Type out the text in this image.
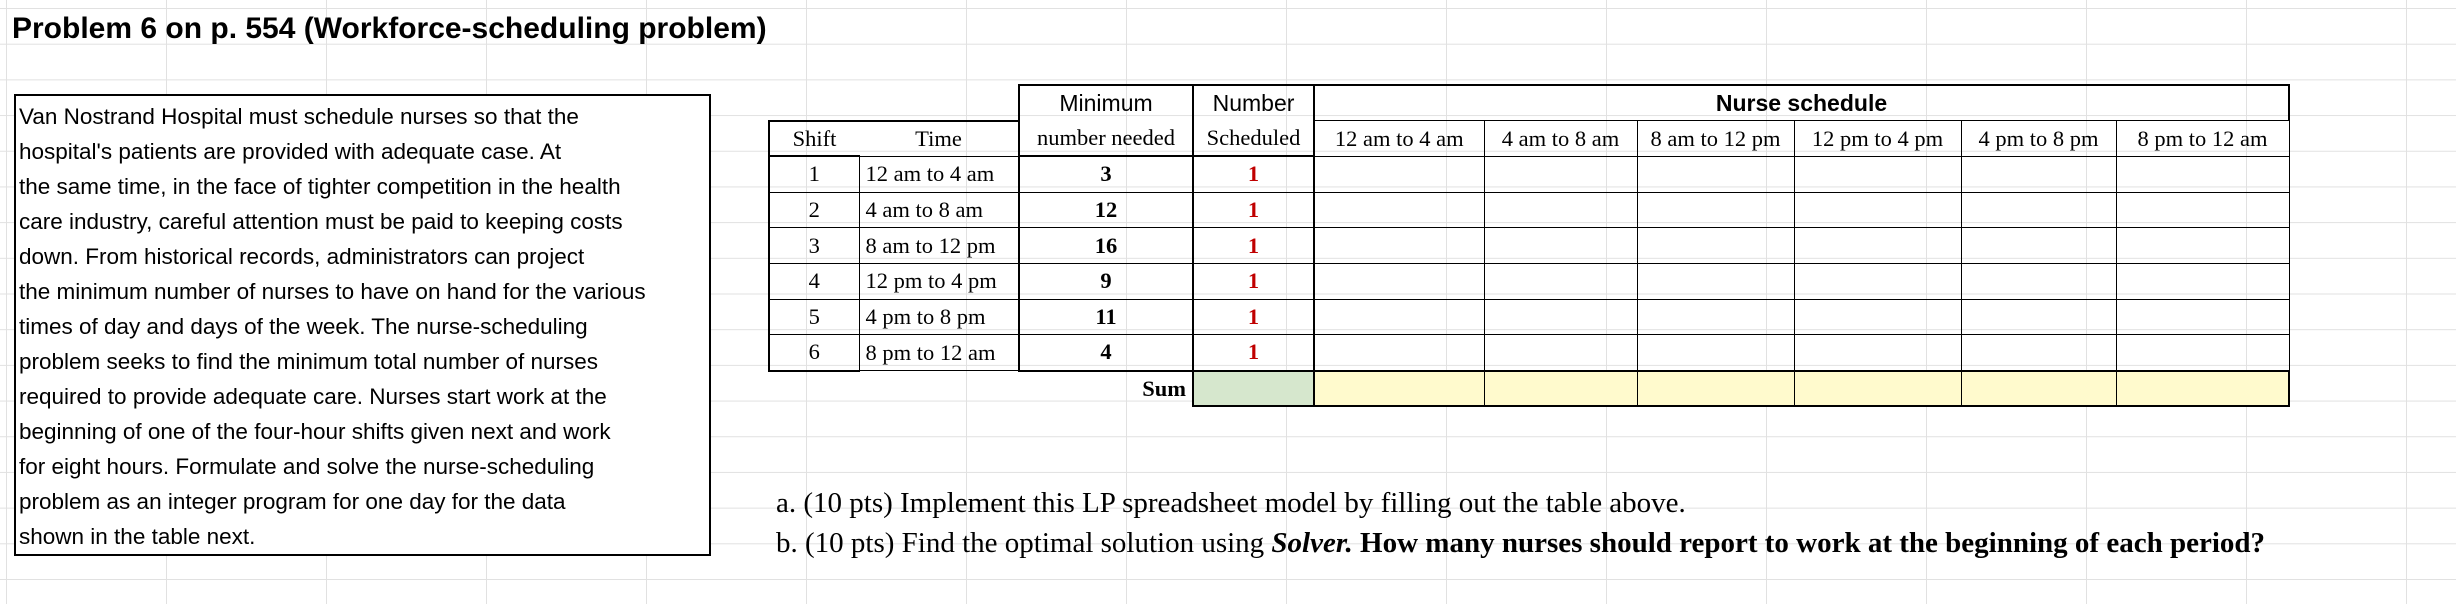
Problem 6 on p. 554 (Workforce-scheduling problem)
Van Nostrand Hospital must schedule nurses so that the
hospital's patients are provided with adequate case. At
the same time, in the face of tighter competition in the health
care industry, careful attention must be paid to keeping costs
down. From historical records, administrators can project
the minimum number of nurses to have on hand for the various
times of day and days of the week. The nurse-scheduling
problem seeks to find the minimum total number of nurses
required to provide adequate care. Nurses start work at the
beginning of one of the four-hour shifts given next and work
for eight hours. Formulate and solve the nurse-scheduling
problem as an integer program for one day for the data
shown in the table next.
		Minimum	Number	Nurse schedule					
Shift	Time	number needed	Scheduled	12 am to 4 am	4 am to 8 am	8 am to 12 pm	12 pm to 4 pm	4 pm to 8 pm	8 pm to 12 am
1	12 am to 4 am	3	1						
2	4 am to 8 am	12	1						
3	8 am to 12 pm	16	1						
4	12 pm to 4 pm	9	1						
5	4 pm to 8 pm	11	1						
6	8 pm to 12 am	4	1						
		Sum							
a. (10 pts) Implement this LP spreadsheet model by filling out the table above.
b. (10 pts) Find the optimal solution using Solver. How many nurses should report to work at the beginning of each period?
